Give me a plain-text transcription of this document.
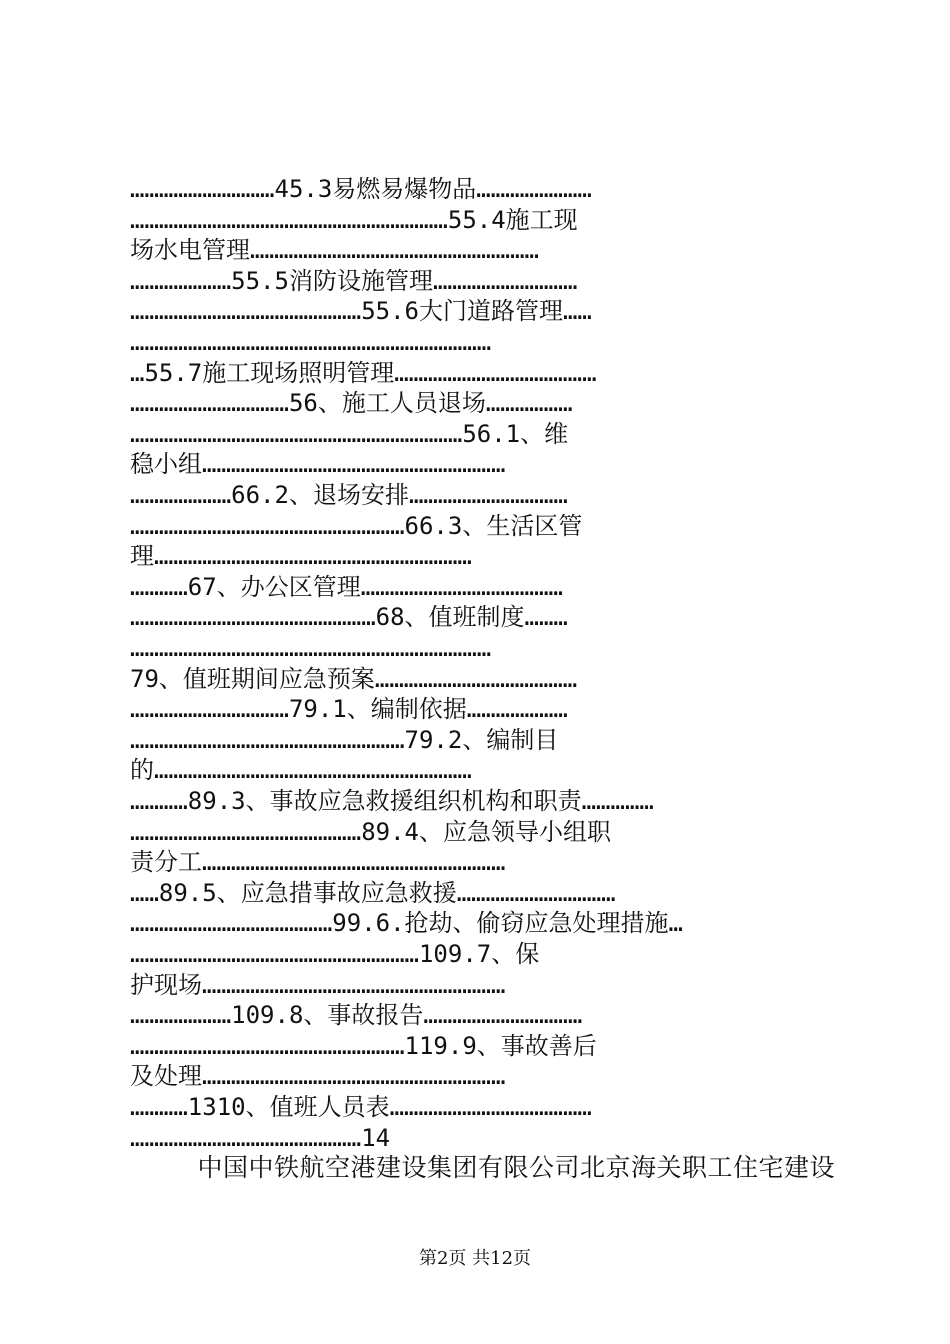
…………………………45.3易燃易爆物品……………………
…………………………………………………………55.4施工现
场水电管理……………………………………………………
…………………55.5消防设施管理…………………………
…………………………………………55.6大门道路管理……
…………………………………………………………………
…55.7施工现场照明管理……………………………………
……………………………56、施工人员退场………………
……………………………………………………………56.1、维
稳小组………………………………………………………
…………………66.2、退场安排……………………………
…………………………………………………66.3、生活区管
理…………………………………………………………
…………67、办公区管理……………………………………
……………………………………………68、值班制度………
…………………………………………………………………
79、值班期间应急预案……………………………………
……………………………79.1、编制依据…………………
…………………………………………………79.2、编制目
的…………………………………………………………
…………89.3、事故应急救援组织机构和职责……………
…………………………………………89.4、应急领导小组职
责分工………………………………………………………
……89.5、应急措事故应急救援……………………………
……………………………………99.6.抢劫、偷窃应急处理措施…
……………………………………………………109.7、保
护现场………………………………………………………
…………………109.8、事故报告……………………………
…………………………………………………119.9、事故善后
及处理………………………………………………………
…………1310、值班人员表……………………………………
…………………………………………14
中国中铁航空港建设集团有限公司北京海关职工住宅建设
第2页 共12页
